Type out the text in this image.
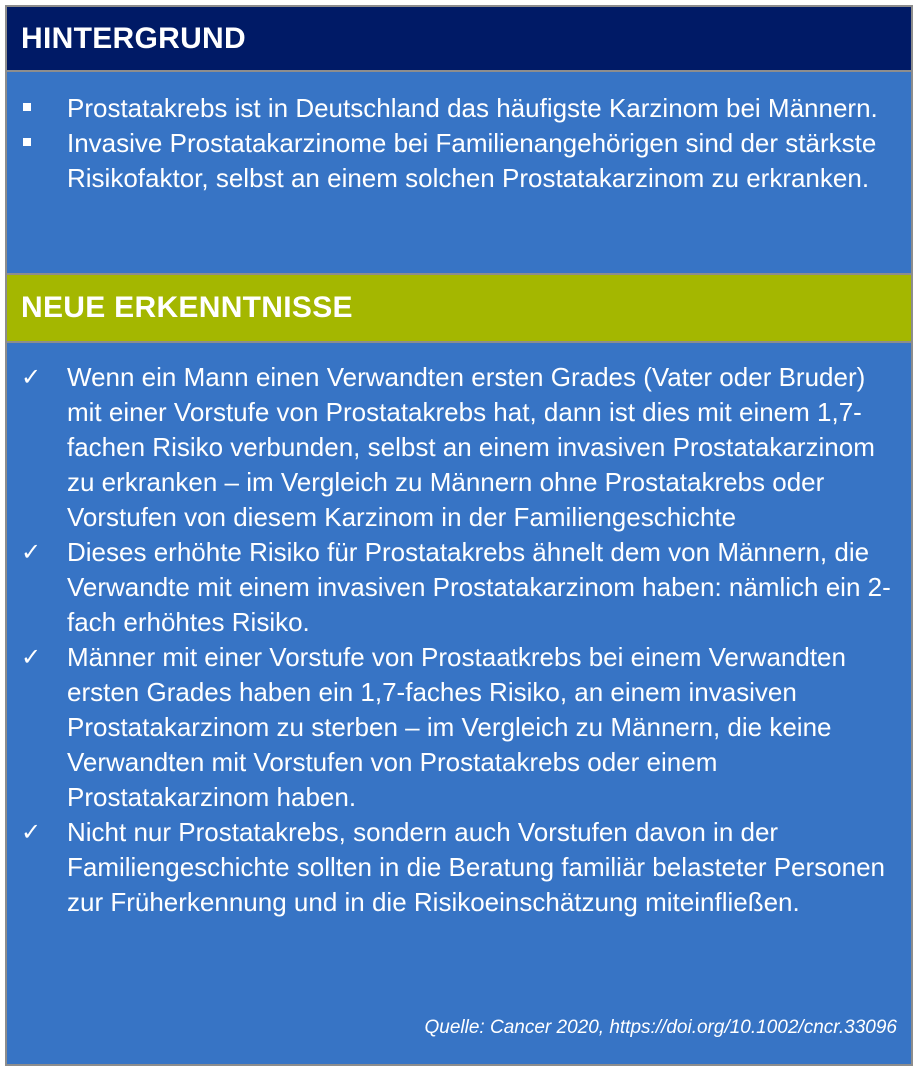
HINTERGRUND
Prostatakrebs ist in Deutschland das häufigste Karzinom bei Männern.
Invasive Prostatakarzinome bei Familienangehörigen sind der stärkste Risikofaktor, selbst an einem solchen Prostatakarzinom zu erkranken.
NEUE ERKENNTNISSE
✓ Wenn ein Mann einen Verwandten ersten Grades (Vater oder Bruder) mit einer Vorstufe von Prostatakrebs hat, dann ist dies mit einem 1,7-fachen Risiko verbunden, selbst an einem invasiven Prostatakarzinom zu erkranken – im Vergleich zu Männern ohne Prostatakrebs oder Vorstufen von diesem Karzinom in der Familiengeschichte
✓ Dieses erhöhte Risiko für Prostatakrebs ähnelt dem von Männern, die Verwandte mit einem invasiven Prostatakarzinom haben: nämlich ein 2-fach erhöhtes Risiko.
✓ Männer mit einer Vorstufe von Prostaatkrebs bei einem Verwandten ersten Grades haben ein 1,7-faches Risiko, an einem invasiven Prostatakarzinom zu sterben – im Vergleich zu Männern, die keine Verwandten mit Vorstufen von Prostatakrebs oder einem Prostatakarzinom haben.
✓ Nicht nur Prostatakrebs, sondern auch Vorstufen davon in der Familiengeschichte sollten in die Beratung familiär belasteter Personen zur Früherkennung und in die Risikoeinschätzung miteinfließen.
Quelle: Cancer 2020, https://doi.org/10.1002/cncr.33096
